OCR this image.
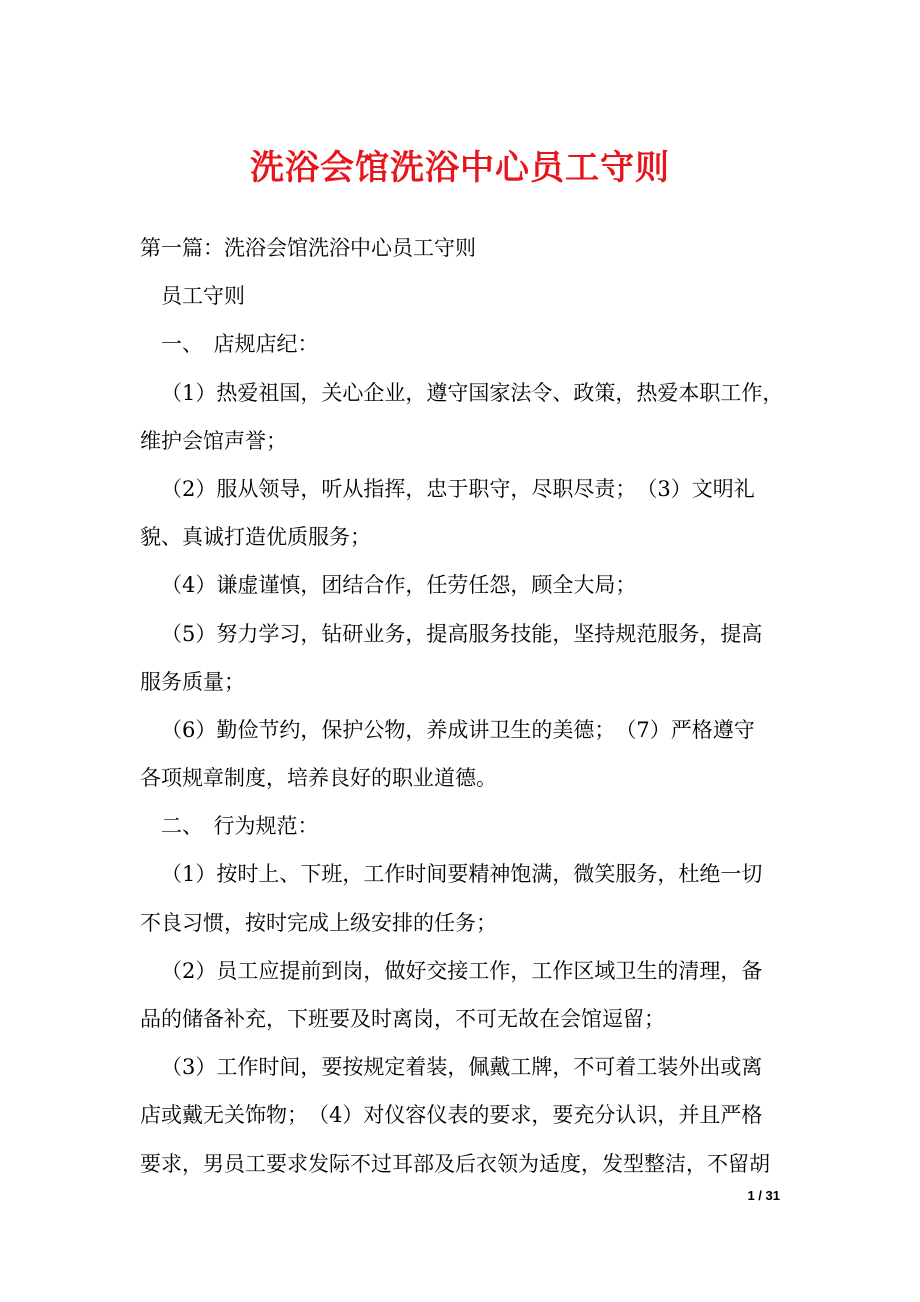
洗浴会馆洗浴中心员工守则
第一篇：洗浴会馆洗浴中心员工守则
员工守则
一、　店规店纪：
（1）热爱祖国，关心企业，遵守国家法令、政策，热爱本职工作，
维护会馆声誉；
（2）服从领导，听从指挥，忠于职守，尽职尽责；　（3）文明礼
貌、真诚打造优质服务；
（4）谦虚谨慎，团结合作，任劳任怨，顾全大局；
（5）努力学习，钻研业务，提高服务技能，坚持规范服务，提高
服务质量；
（6）勤俭节约，保护公物，养成讲卫生的美德；　（7）严格遵守
各项规章制度，培养良好的职业道德。
二、　行为规范：
（1）按时上、下班，工作时间要精神饱满，微笑服务，杜绝一切
不良习惯，按时完成上级安排的任务；
（2）员工应提前到岗，做好交接工作，工作区域卫生的清理，备
品的储备补充，下班要及时离岗，不可无故在会馆逗留；
（3）工作时间，要按规定着装，佩戴工牌，不可着工装外出或离
店或戴无关饰物；　（4）对仪容仪表的要求，要充分认识，并且严格
要求，男员工要求发际不过耳部及后衣领为适度，发型整洁，不留胡
1 / 31
